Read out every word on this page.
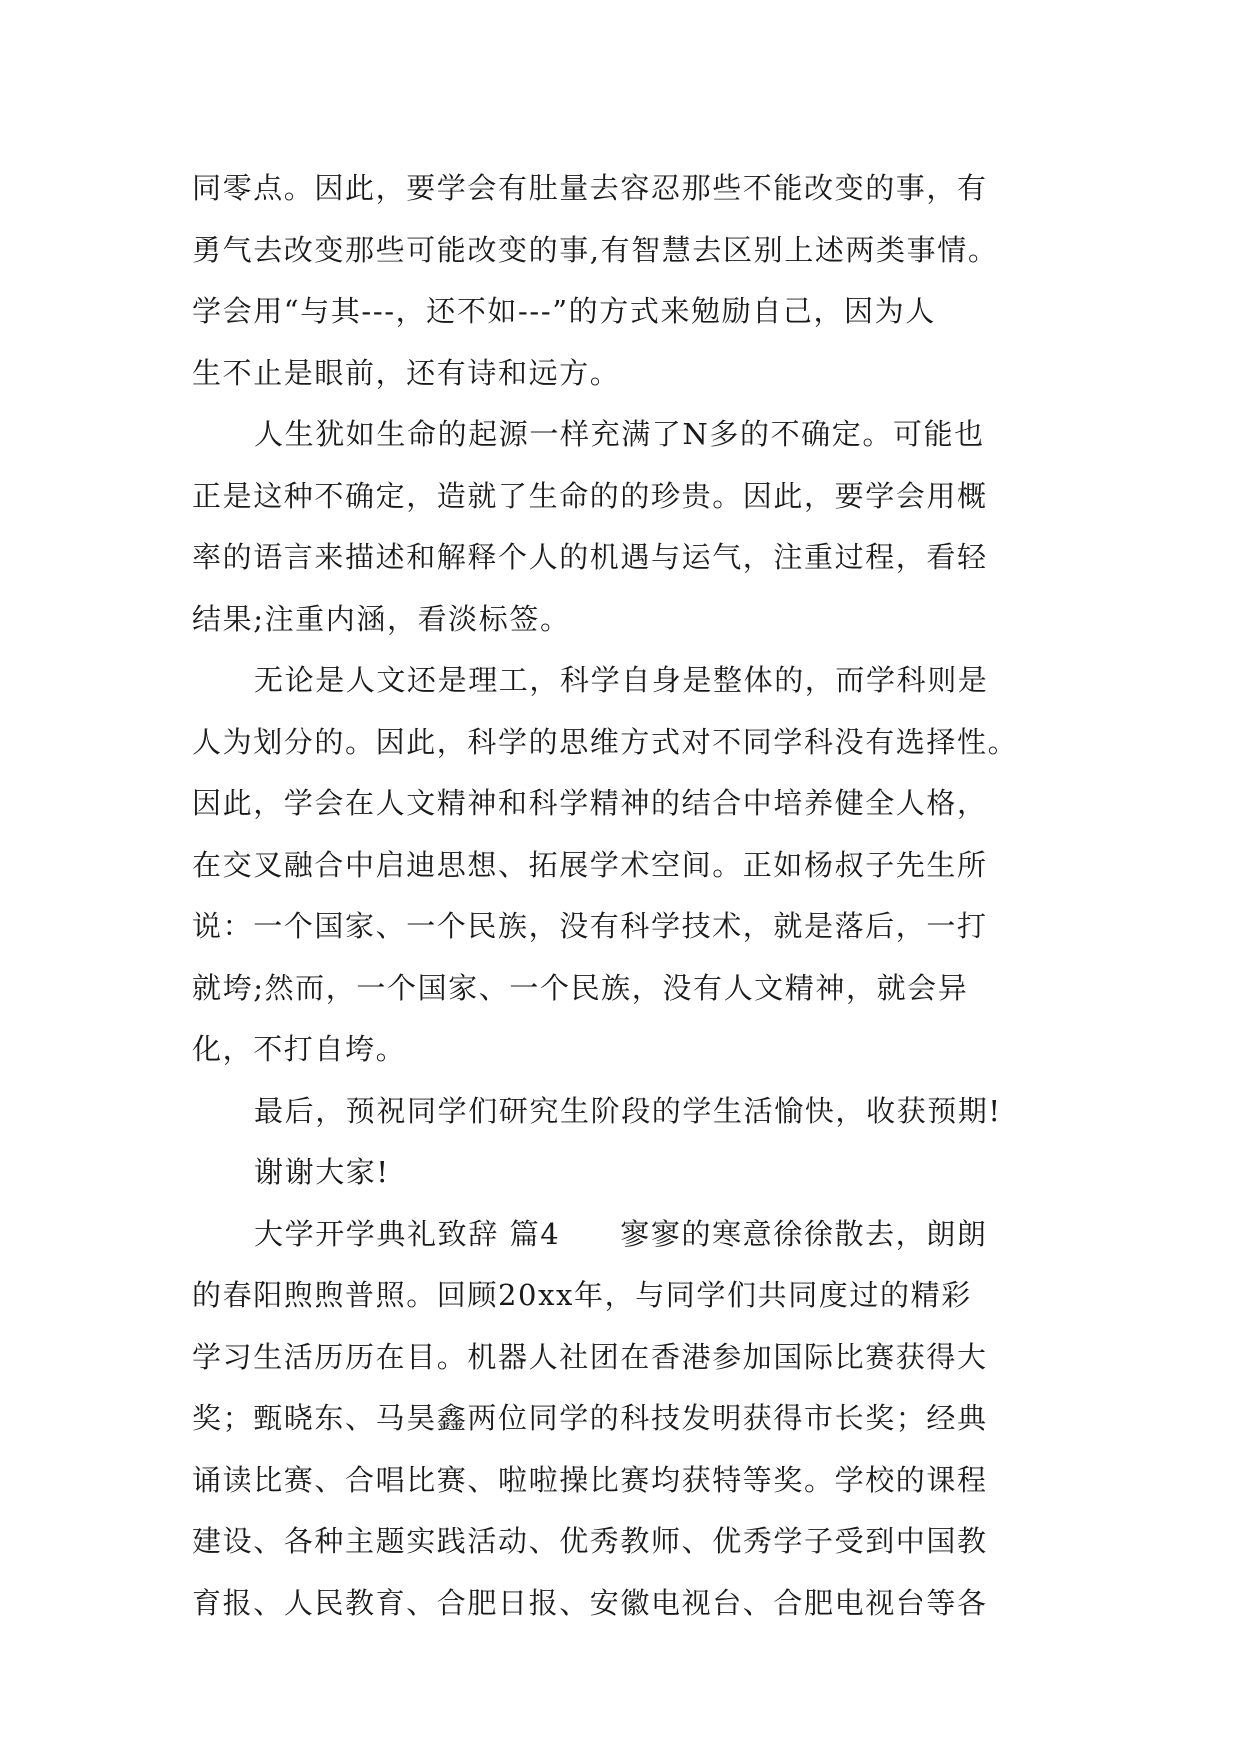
同零点。因此，要学会有肚量去容忍那些不能改变的事，有
勇气去改变那些可能改变的事,有智慧去区别上述两类事情。
学会用“与其---，还不如---”的方式来勉励自己，因为人
生不止是眼前，还有诗和远方。
人生犹如生命的起源一样充满了N多的不确定。可能也
正是这种不确定，造就了生命的的珍贵。因此，要学会用概
率的语言来描述和解释个人的机遇与运气，注重过程，看轻
结果;注重内涵，看淡标签。
无论是人文还是理工，科学自身是整体的，而学科则是
人为划分的。因此，科学的思维方式对不同学科没有选择性。
因此，学会在人文精神和科学精神的结合中培养健全人格，
在交叉融合中启迪思想、拓展学术空间。正如杨叔子先生所
说：一个国家、一个民族，没有科学技术，就是落后，一打
就垮;然而，一个国家、一个民族，没有人文精神，就会异
化，不打自垮。
最后，预祝同学们研究生阶段的学生活愉快，收获预期!
谢谢大家!
大学开学典礼致辞 篇4 寥寥的寒意徐徐散去，朗朗
的春阳煦煦普照。回顾20xx年，与同学们共同度过的精彩
学习生活历历在目。机器人社团在香港参加国际比赛获得大
奖；甄晓东、马昊鑫两位同学的科技发明获得市长奖；经典
诵读比赛、合唱比赛、啦啦操比赛均获特等奖。学校的课程
建设、各种主题实践活动、优秀教师、优秀学子受到中国教
育报、人民教育、合肥日报、安徽电视台、合肥电视台等各
